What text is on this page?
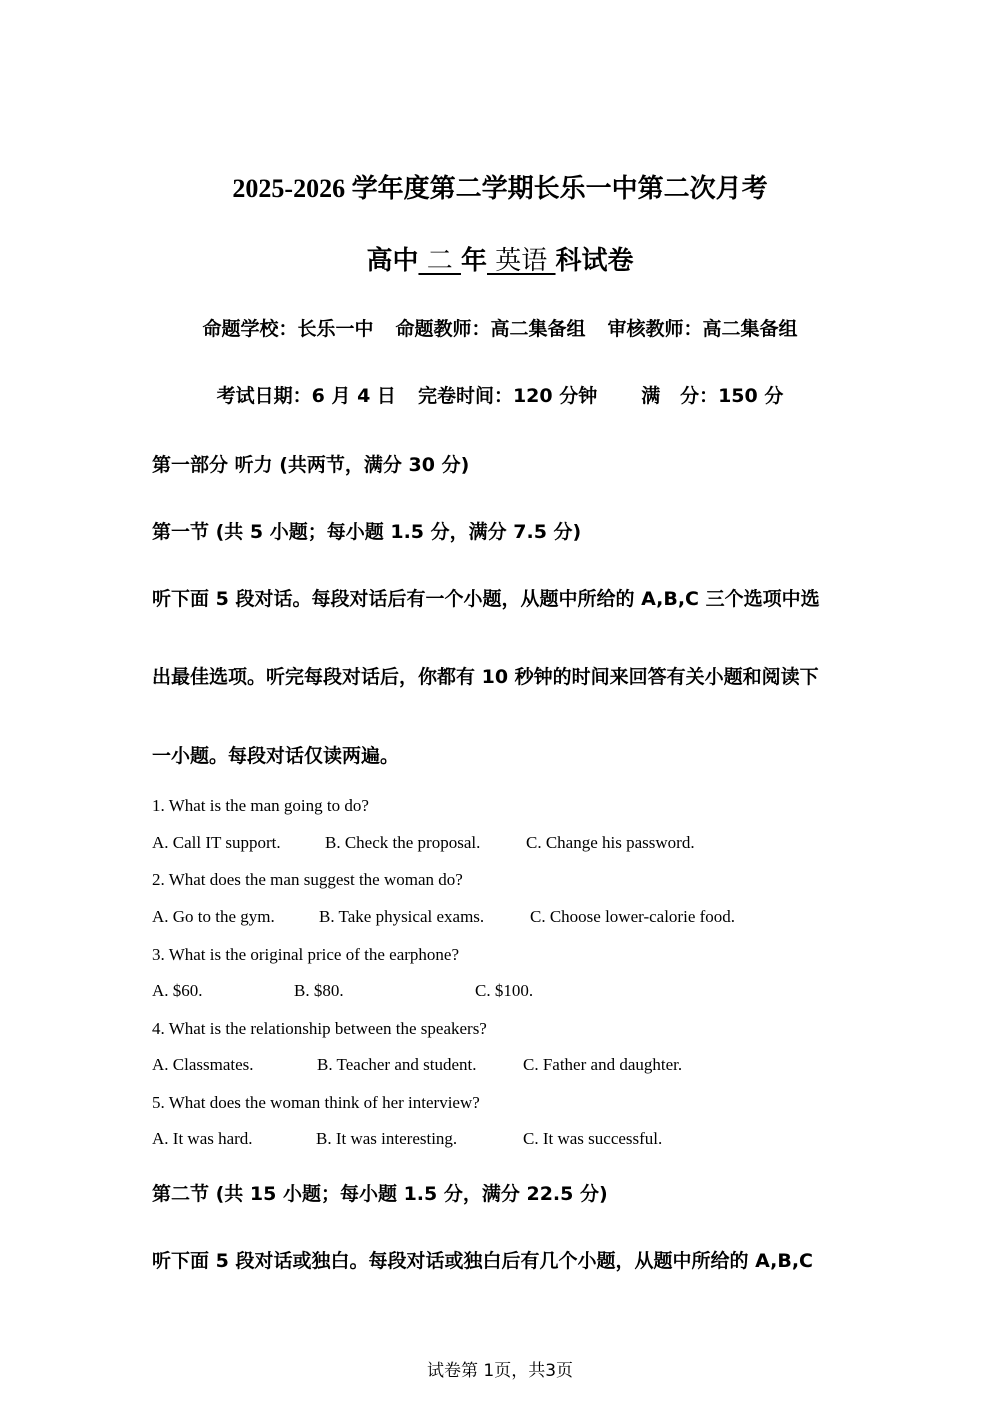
2025-2026 学年度第二学期长乐一中第二次月考
高中 二 年 英语 科试卷
命题学校：长乐一中 命题教师：高二集备组 审核教师：高二集备组
考试日期：6 月 4 日 完卷时间：120 分钟 满   分：150 分
第一部分 听力 (共两节，满分 30 分)
第一节 (共 5 小题；每小题 1.5 分，满分 7.5 分)
听下面 5 段对话。每段对话后有一个小题，从题中所给的 A,B,C 三个选项中选
出最佳选项。听完每段对话后，你都有 10 秒钟的时间来回答有关小题和阅读下
一小题。每段对话仅读两遍。
1. What is the man going to do?
A. Call IT support.	B. Check the proposal.	C. Change his password.
2. What does the man suggest the woman do?
A. Go to the gym.	B. Take physical exams.	C. Choose lower-calorie food.
3. What is the original price of the earphone?
A. $60.	B. $80.	C. $100.
4. What is the relationship between the speakers?
A. Classmates.	B. Teacher and student.	C. Father and daughter.
5. What does the woman think of her interview?
A. It was hard.	B. It was interesting.	C. It was successful.
第二节 (共 15 小题；每小题 1.5 分，满分 22.5 分)
听下面 5 段对话或独白。每段对话或独白后有几个小题，从题中所给的 A,B,C
试卷第 1页，共3页
